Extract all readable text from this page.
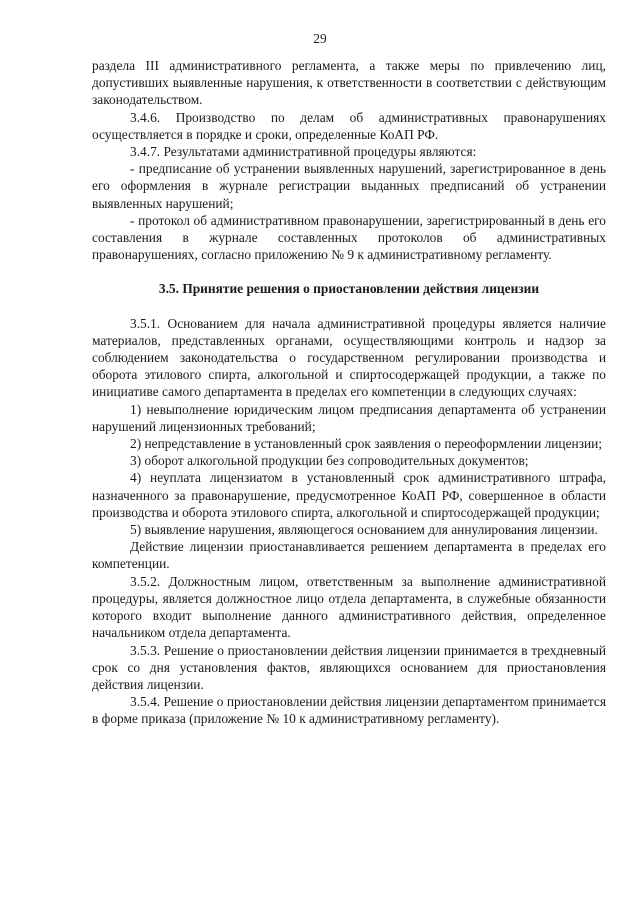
29

раздела III административного регламента, а также меры по привлечению лиц, допустивших выявленные нарушения, к ответственности в соответствии с действующим законодательством.

3.4.6. Производство по делам об административных правонарушениях осуществляется в порядке и сроки, определенные КоАП РФ.

3.4.7. Результатами административной процедуры являются:

- предписание об устранении выявленных нарушений, зарегистрированное в день его оформления в журнале регистрации выданных предписаний об устранении выявленных нарушений;

- протокол об административном правонарушении, зарегистрированный в день его составления в журнале составленных протоколов об административных правонарушениях, согласно приложению № 9 к административному регламенту.

3.5. Принятие решения о приостановлении действия лицензии

3.5.1. Основанием для начала административной процедуры является наличие материалов, представленных органами, осуществляющими контроль и надзор за соблюдением законодательства о государственном регулировании производства и оборота этилового спирта, алкогольной и спиртосодержащей продукции, а также по инициативе самого департамента в пределах его компетенции в следующих случаях:

1) невыполнение юридическим лицом предписания департамента об устранении нарушений лицензионных требований;

2) непредставление в установленный срок заявления о переоформлении лицензии;

3) оборот алкогольной продукции без сопроводительных документов;

4) неуплата лицензиатом в установленный срок административного штрафа, назначенного за правонарушение, предусмотренное КоАП РФ, совершенное в области производства и оборота этилового спирта, алкогольной и спиртосодержащей продукции;

5) выявление нарушения, являющегося основанием для аннулирования лицензии.

Действие лицензии приостанавливается решением департамента в пределах его компетенции.

3.5.2. Должностным лицом, ответственным за выполнение административной процедуры, является должностное лицо отдела департамента, в служебные обязанности которого входит выполнение данного административного действия, определенное начальником отдела департамента.

3.5.3. Решение о приостановлении действия лицензии принимается в трехдневный срок со дня установления фактов, являющихся основанием для приостановления действия лицензии.

3.5.4. Решение о приостановлении действия лицензии департаментом принимается в форме приказа (приложение № 10 к административному регламенту).
